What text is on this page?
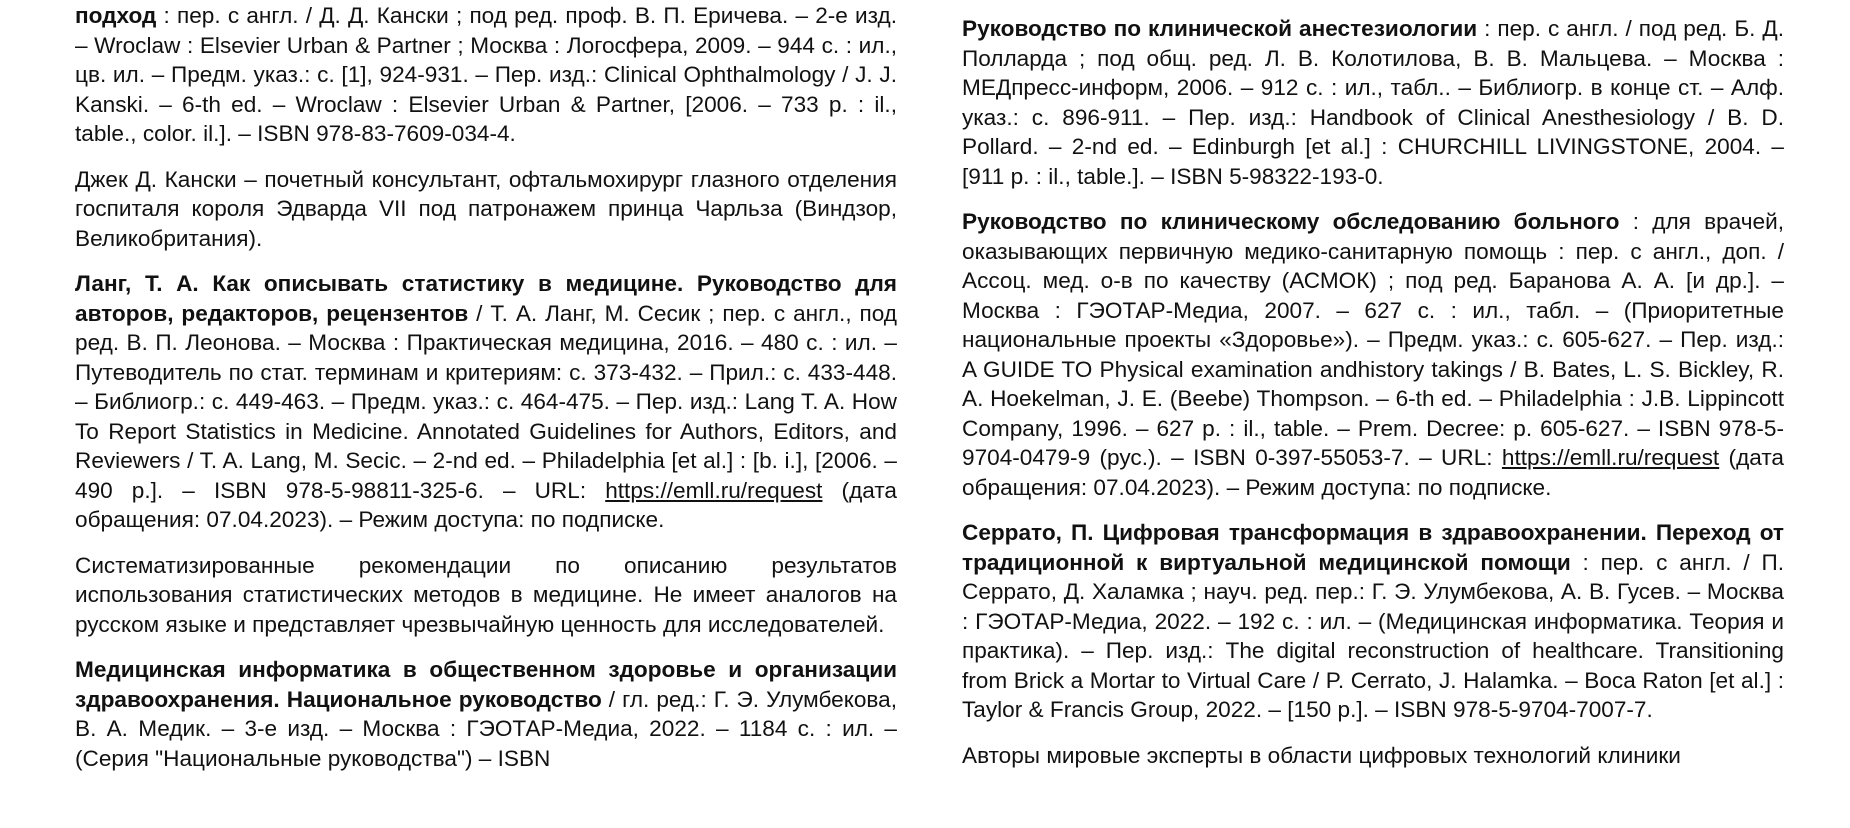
подход : пер. с англ. / Д. Д. Кански ; под ред. проф. В. П. Еричева. – 2-е изд. – Wroclaw : Elsevier Urban & Partner ; Москва : Логосфера, 2009. – 944 с. : ил., цв. ил. – Предм. указ.: с. [1], 924-931. – Пер. изд.: Clinical Ophthalmology / J. J. Kanski. – 6-th ed. – Wroclaw : Elsevier Urban & Partner, [2006. – 733 p. : il., table., color. il.]. – ISBN 978-83-7609-034-4.

Джек Д. Кански – почетный консультант, офтальмохирург глазного отделения госпиталя короля Эдварда VII под патронажем принца Чарльза (Виндзор, Великобритания).

Ланг, Т. А. Как описывать статистику в медицине. Руководство для авторов, редакторов, рецензентов / Т. А. Ланг, М. Сесик ; пер. с англ., под ред. В. П. Леонова. – Москва : Практическая медицина, 2016. – 480 с. : ил. – Путеводитель по стат. терминам и критериям: с. 373-432. – Прил.: с. 433-448. – Библиогр.: с. 449-463. – Предм. указ.: с. 464-475. – Пер. изд.: Lang T. A. How To Report Statistics in Medicine. Annotated Guidelines for Authors, Editors, and Reviewers / T. A. Lang, M. Secic. – 2-nd ed. – Philadelphia [et al.] : [b. i.], [2006. – 490 p.]. – ISBN 978-5-98811-325-6. – URL: https://emll.ru/request (дата обращения: 07.04.2023). – Режим доступа: по подписке.

Систематизированные рекомендации по описанию результатов использования статистических методов в медицине. Не имеет аналогов на русском языке и представляет чрезвычайную ценность для исследователей.

Медицинская информатика в общественном здоровье и организации здравоохранения. Национальное руководство / гл. ред.: Г. Э. Улумбекова, В. А. Медик. – 3-е изд. – Москва : ГЭОТАР-Медиа, 2022. – 1184 с. : ил. – (Серия "Национальные руководства") – ISBN

Руководство по клинической анестезиологии : пер. с англ. / под ред. Б. Д. Полларда ; под общ. ред. Л. В. Колотилова, В. В. Мальцева. – Москва : МЕДпресс-информ, 2006. – 912 с. : ил., табл.. – Библиогр. в конце ст. – Алф. указ.: с. 896-911. – Пер. изд.: Handbook of Clinical Anesthesiology / B. D. Pollard. – 2-nd ed. – Edinburgh [et al.] : CHURCHILL LIVINGSTONE, 2004. – [911 p. : il., table.]. – ISBN 5-98322-193-0.

Руководство по клиническому обследованию больного : для врачей, оказывающих первичную медико-санитарную помощь : пер. с англ., доп. / Ассоц. мед. о-в по качеству (АСМОК) ; под ред. Баранова А. А. [и др.]. – Москва : ГЭОТАР-Медиа, 2007. – 627 с. : ил., табл. – (Приоритетные национальные проекты «Здоровье»). – Предм. указ.: с. 605-627. – Пер. изд.: A GUIDE TO Physical examination andhistory takings / B. Bates, L. S. Bickley, R. A. Hoekelman, J. E. (Beebe) Thompson. – 6-th ed. – Philadelphia : J.B. Lippincott Company, 1996. – 627 p. : il., table. – Prem. Decree: p. 605-627. – ISBN 978-5-9704-0479-9 (рус.). – ISBN 0-397-55053-7. – URL: https://emll.ru/request (дата обращения: 07.04.2023). – Режим доступа: по подписке.

Серрато, П. Цифровая трансформация в здравоохранении. Переход от традиционной к виртуальной медицинской помощи : пер. с англ. / П. Серрато, Д. Халамка ; науч. ред. пер.: Г. Э. Улумбекова, А. В. Гусев. – Москва : ГЭОТАР-Медиа, 2022. – 192 с. : ил. – (Медицинская информатика. Теория и практика). – Пер. изд.: The digital reconstruction of healthcare. Transitioning from Brick a Mortar to Virtual Care / P. Cerrato, J. Halamka. – Boca Raton [et al.] : Taylor & Francis Group, 2022. – [150 p.]. – ISBN 978-5-9704-7007-7.

Авторы мировые эксперты в области цифровых технологий клиники
